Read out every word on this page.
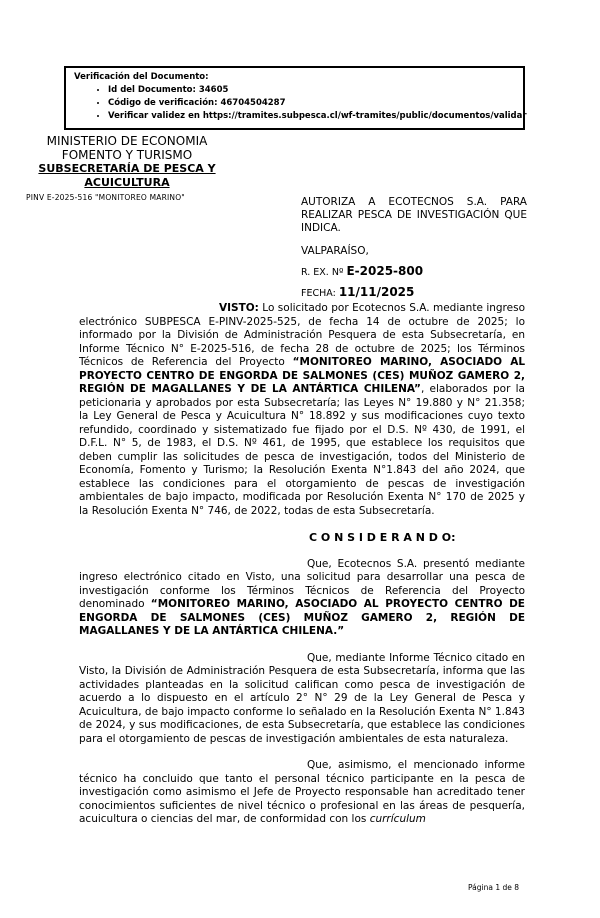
Verificación del Documento:
• Id del Documento: 34605
• Código de verificación: 46704504287
• Verificar validez en https://tramites.subpesca.cl/wf-tramites/public/documentos/validar
MINISTERIO DE ECONOMIA
FOMENTO Y TURISMO
SUBSECRETARÍA DE PESCA Y
ACUICULTURA
PINV E-2025-516 "MONITOREO MARINO"	AUTORIZA A ECOTECNOS S.A. PARA REALIZAR PESCA DE INVESTIGACIÓN QUE INDICA.

VALPARAÍSO,

R. EX. Nº E-2025-800

FECHA: 11/11/2025

VISTO: Lo solicitado por Ecotecnos S.A. mediante ingreso electrónico SUBPESCA E-PINV-2025-525, de fecha 14 de octubre de 2025; lo informado por la División de Administración Pesquera de esta Subsecretaría, en Informe Técnico N° E-2025-516, de fecha 28 de octubre de 2025; los Términos Técnicos de Referencia del Proyecto “MONITOREO MARINO, ASOCIADO AL PROYECTO CENTRO DE ENGORDA DE SALMONES (CES) MUÑOZ GAMERO 2, REGIÓN DE MAGALLANES Y DE LA ANTÁRTICA CHILENA”, elaborados por la peticionaria y aprobados por esta Subsecretaría; las Leyes N° 19.880 y N° 21.358; la Ley General de Pesca y Acuicultura N° 18.892 y sus modificaciones cuyo texto refundido, coordinado y sistematizado fue fijado por el D.S. Nº 430, de 1991, el D.F.L. N° 5, de 1983, el D.S. Nº 461, de 1995, que establece los requisitos que deben cumplir las solicitudes de pesca de investigación, todos del Ministerio de Economía, Fomento y Turismo; la Resolución Exenta N°1.843 del año 2024, que establece las condiciones para el otorgamiento de pescas de investigación ambientales de bajo impacto, modificada por Resolución Exenta N° 170 de 2025 y la Resolución Exenta N° 746, de 2022, todas de esta Subsecretaría.

C O N S I D E R A N D O:

Que, Ecotecnos S.A. presentó mediante ingreso electrónico citado en Visto, una solicitud para desarrollar una pesca de investigación conforme los Términos Técnicos de Referencia del Proyecto denominado “MONITOREO MARINO, ASOCIADO AL PROYECTO CENTRO DE ENGORDA DE SALMONES (CES) MUÑOZ GAMERO 2, REGIÓN DE MAGALLANES Y DE LA ANTÁRTICA CHILENA.”

Que, mediante Informe Técnico citado en Visto, la División de Administración Pesquera de esta Subsecretaría, informa que las actividades planteadas en la solicitud califican como pesca de investigación de acuerdo a lo dispuesto en el artículo 2° N° 29 de la Ley General de Pesca y Acuicultura, de bajo impacto conforme lo señalado en la Resolución Exenta N° 1.843 de 2024, y sus modificaciones, de esta Subsecretaría, que establece las condiciones para el otorgamiento de pescas de investigación ambientales de esta naturaleza.

Que, asimismo, el mencionado informe técnico ha concluido que tanto el personal técnico participante en la pesca de investigación como asimismo el Jefe de Proyecto responsable han acreditado tener conocimientos suficientes de nivel técnico o profesional en las áreas de pesquería, acuicultura o ciencias del mar, de conformidad con los currículum

Página 1 de 8
